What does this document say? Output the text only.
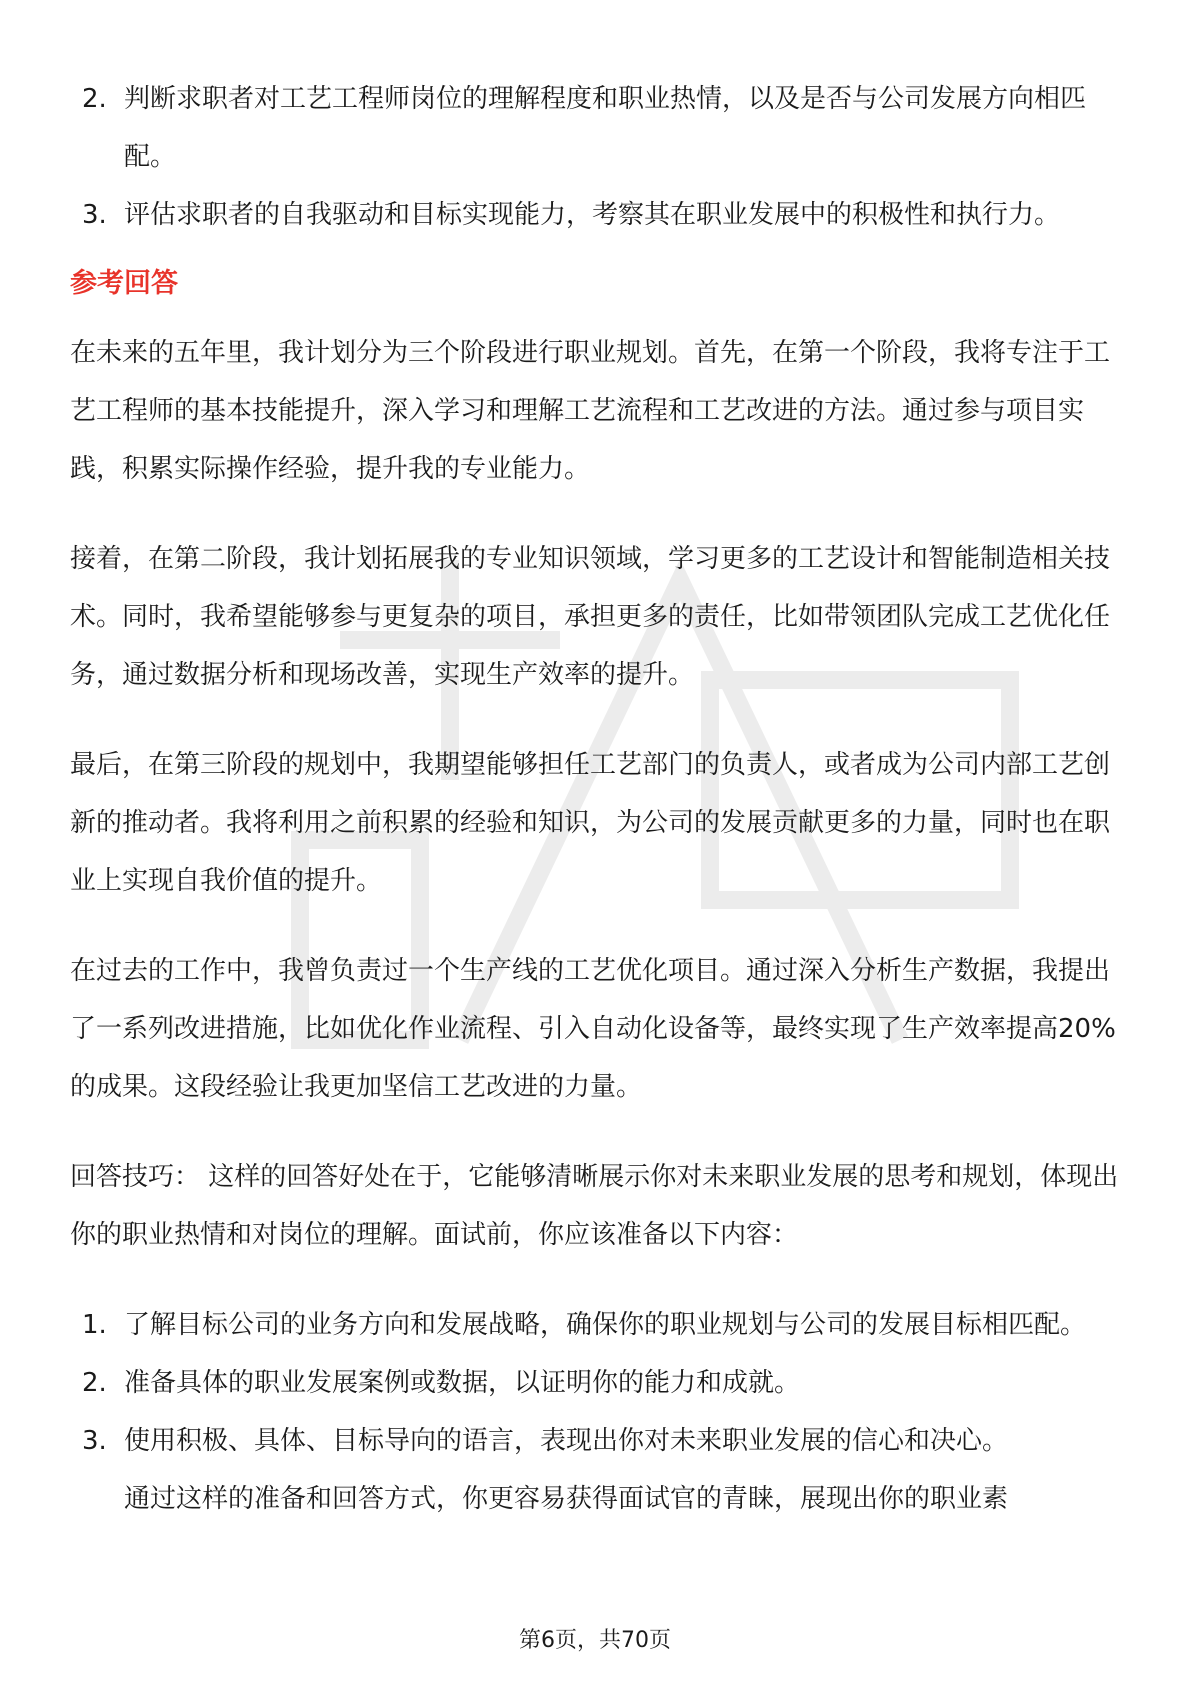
2. 判断求职者对工艺工程师岗位的理解程度和职业热情，以及是否与公司发展方向相匹配。
3. 评估求职者的自我驱动和目标实现能力，考察其在职业发展中的积极性和执行力。
参考回答

在未来的五年里，我计划分为三个阶段进行职业规划。首先，在第一个阶段，我将专注于工艺工程师的基本技能提升，深入学习和理解工艺流程和工艺改进的方法。通过参与项目实践，积累实际操作经验，提升我的专业能力。

接着，在第二阶段，我计划拓展我的专业知识领域，学习更多的工艺设计和智能制造相关技术。同时，我希望能够参与更复杂的项目，承担更多的责任，比如带领团队完成工艺优化任务，通过数据分析和现场改善，实现生产效率的提升。

最后，在第三阶段的规划中，我期望能够担任工艺部门的负责人，或者成为公司内部工艺创新的推动者。我将利用之前积累的经验和知识，为公司的发展贡献更多的力量，同时也在职业上实现自我价值的提升。

在过去的工作中，我曾负责过一个生产线的工艺优化项目。通过深入分析生产数据，我提出了一系列改进措施，比如优化作业流程、引入自动化设备等，最终实现了生产效率提高20%的成果。这段经验让我更加坚信工艺改进的力量。

回答技巧： 这样的回答好处在于，它能够清晰展示你对未来职业发展的思考和规划，体现出你的职业热情和对岗位的理解。面试前，你应该准备以下内容：

1. 了解目标公司的业务方向和发展战略，确保你的职业规划与公司的发展目标相匹配。
2. 准备具体的职业发展案例或数据，以证明你的能力和成就。
3. 使用积极、具体、目标导向的语言，表现出你对未来职业发展的信心和决心。
通过这样的准备和回答方式，你更容易获得面试官的青睐，展现出你的职业素
第6页，共70页
